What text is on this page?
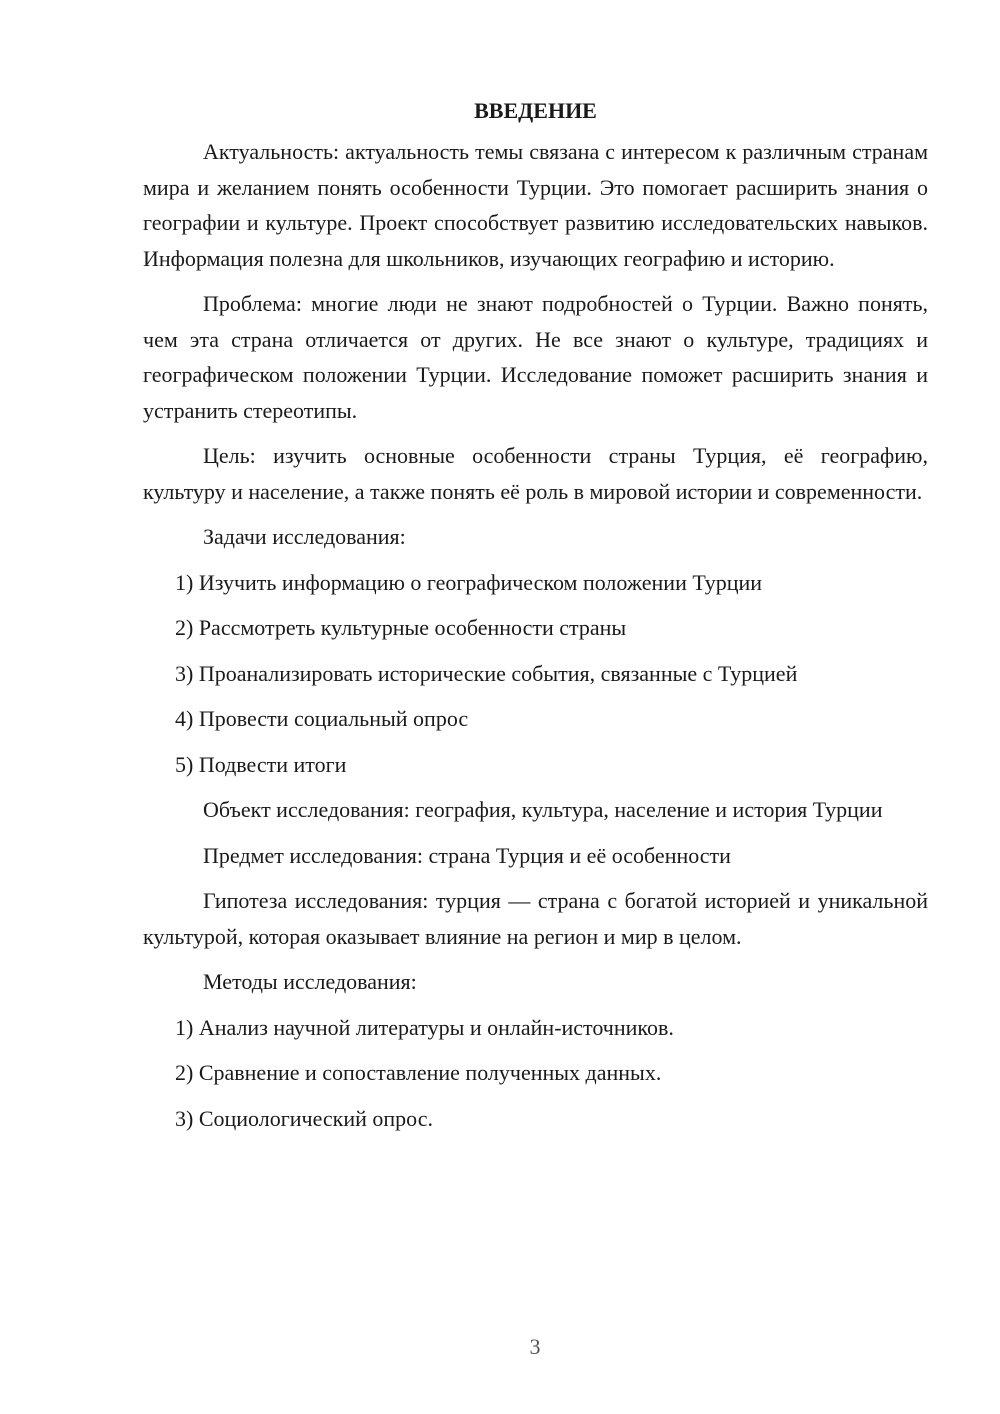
ВВЕДЕНИЕ

Актуальность: актуальность темы связана с интересом к различным странам мира и желанием понять особенности Турции. Это помогает расширить знания о географии и культуре. Проект способствует развитию исследовательских навыков. Информация полезна для школьников, изучающих географию и историю.

Проблема: многие люди не знают подробностей о Турции. Важно понять, чем эта страна отличается от других. Не все знают о культуре, традициях и географическом положении Турции. Исследование поможет расширить знания и устранить стереотипы.

Цель: изучить основные особенности страны Турция, её географию, культуру и население, а также понять её роль в мировой истории и современности.

Задачи исследования:

1) Изучить информацию о географическом положении Турции

2) Рассмотреть культурные особенности страны

3) Проанализировать исторические события, связанные с Турцией

4) Провести социальный опрос

5) Подвести итоги

Объект исследования: география, культура, население и история Турции

Предмет исследования: страна Турция и её особенности

Гипотеза исследования: турция — страна с богатой историей и уникальной культурой, которая оказывает влияние на регион и мир в целом.

Методы исследования:

1) Анализ научной литературы и онлайн-источников.

2) Сравнение и сопоставление полученных данных.

3) Социологический опрос.

3
